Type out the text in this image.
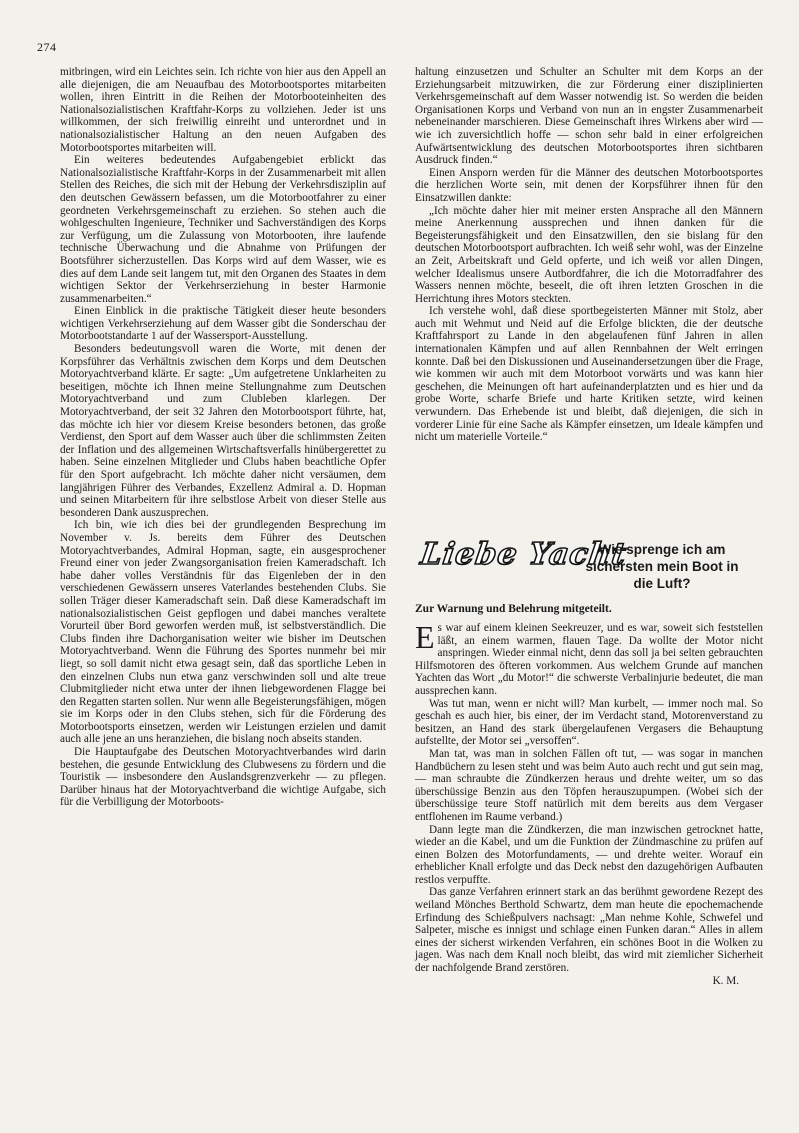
274

mitbringen, wird ein Leichtes sein. Ich richte von hier aus den Appell an alle diejenigen, die am Neuaufbau des Motorbootsportes mitarbeiten wollen, ihren Eintritt in die Reihen der Motorbooteinheiten des Nationalsozialistischen Kraftfahr-Korps zu vollziehen. Jeder ist uns willkommen, der sich freiwillig einreiht und unterordnet und in nationalsozialistischer Haltung an den neuen Aufgaben des Motorbootsportes mitarbeiten will.

Ein weiteres bedeutendes Aufgabengebiet erblickt das Nationalsozialistische Kraftfahr-Korps in der Zusammenarbeit mit allen Stellen des Reiches, die sich mit der Hebung der Verkehrsdisziplin auf den deutschen Gewässern befassen, um die Motorbootfahrer zu einer geordneten Verkehrsgemeinschaft zu erziehen. So stehen auch die wohlgeschulten Ingenieure, Techniker und Sachverständigen des Korps zur Verfügung, um die Zulassung von Motorbooten, ihre laufende technische Überwachung und die Abnahme von Prüfungen der Bootsführer sicherzustellen. Das Korps wird auf dem Wasser, wie es dies auf dem Lande seit langem tut, mit den Organen des Staates in dem wichtigen Sektor der Verkehrserziehung in bester Harmonie zusammenarbeiten.“

Einen Einblick in die praktische Tätigkeit dieser heute besonders wichtigen Verkehrserziehung auf dem Wasser gibt die Sonderschau der Motorbootstandarte 1 auf der Wassersport-Ausstellung.

Besonders bedeutungsvoll waren die Worte, mit denen der Korpsführer das Verhältnis zwischen dem Korps und dem Deutschen Motoryachtverband klärte. Er sagte: „Um aufgetretene Unklarheiten zu beseitigen, möchte ich Ihnen meine Stellungnahme zum Deutschen Motoryachtverband und zum Clubleben klarlegen. Der Motoryachtverband, der seit 32 Jahren den Motorbootsport führte, hat, das möchte ich hier vor diesem Kreise besonders betonen, das große Verdienst, den Sport auf dem Wasser auch über die schlimmsten Zeiten der Inflation und des allgemeinen Wirtschaftsverfalls hinübergerettet zu haben. Seine einzelnen Mitglieder und Clubs haben beachtliche Opfer für den Sport aufgebracht. Ich möchte daher nicht versäumen, dem langjährigen Führer des Verbandes, Exzellenz Admiral a. D. Hopman und seinen Mitarbeitern für ihre selbstlose Arbeit von dieser Stelle aus besonderen Dank auszusprechen.

Ich bin, wie ich dies bei der grundlegenden Besprechung im November v. Js. bereits dem Führer des Deutschen Motoryachtverbandes, Admiral Hopman, sagte, ein ausgesprochener Freund einer von jeder Zwangsorganisation freien Kameradschaft. Ich habe daher volles Verständnis für das Eigenleben der in den verschiedenen Gewässern unseres Vaterlandes bestehenden Clubs. Sie sollen Träger dieser Kameradschaft sein. Daß diese Kameradschaft im nationalsozialistischen Geist gepflogen und dabei manches veraltete Vorurteil über Bord geworfen werden muß, ist selbstverständlich. Die Clubs finden ihre Dachorganisation weiter wie bisher im Deutschen Motoryachtverband. Wenn die Führung des Sportes nunmehr bei mir liegt, so soll damit nicht etwa gesagt sein, daß das sportliche Leben in den einzelnen Clubs nun etwa ganz verschwinden soll und alte treue Clubmitglieder nicht etwa unter der ihnen liebgewordenen Flagge bei den Regatten starten sollen. Nur wenn alle Begeisterungsfähigen, mögen sie im Korps oder in den Clubs stehen, sich für die Förderung des Motorbootsports einsetzen, werden wir Leistungen erzielen und damit auch alle jene an uns heranziehen, die bislang noch abseits standen.

Die Hauptaufgabe des Deutschen Motoryachtverbandes wird darin bestehen, die gesunde Entwicklung des Clubwesens zu fördern und die Touristik — insbesondere den Auslandsgrenzverkehr — zu pflegen. Darüber hinaus hat der Motoryachtverband die wichtige Aufgabe, sich für die Verbilligung der Motorboots-

haltung einzusetzen und Schulter an Schulter mit dem Korps an der Erziehungsarbeit mitzuwirken, die zur Förderung einer disziplinierten Verkehrsgemeinschaft auf dem Wasser notwendig ist. So werden die beiden Organisationen Korps und Verband von nun an in engster Zusammenarbeit nebeneinander marschieren. Diese Gemeinschaft ihres Wirkens aber wird — wie ich zuversichtlich hoffe — schon sehr bald in einer erfolgreichen Aufwärtsentwicklung des deutschen Motorbootsportes ihren sichtbaren Ausdruck finden.“

Einen Ansporn werden für die Männer des deutschen Motorbootsportes die herzlichen Worte sein, mit denen der Korpsführer ihnen für den Einsatzwillen dankte:

„Ich möchte daher hier mit meiner ersten Ansprache all den Männern meine Anerkennung aussprechen und ihnen danken für die Begeisterungsfähigkeit und den Einsatzwillen, den sie bislang für den deutschen Motorbootsport aufbrachten. Ich weiß sehr wohl, was der Einzelne an Zeit, Arbeitskraft und Geld opferte, und ich weiß vor allen Dingen, welcher Idealismus unsere Autbordfahrer, die ich die Motorradfahrer des Wassers nennen möchte, beseelt, die oft ihren letzten Groschen in die Herrichtung ihres Motors steckten.

Ich verstehe wohl, daß diese sportbegeisterten Männer mit Stolz, aber auch mit Wehmut und Neid auf die Erfolge blickten, die der deutsche Kraftfahrsport zu Lande in den abgelaufenen fünf Jahren in allen internationalen Kämpfen und auf allen Rennbahnen der Welt erringen konnte. Daß bei den Diskussionen und Auseinandersetzungen über die Frage, wie kommen wir auch mit dem Motorboot vorwärts und was kann hier geschehen, die Meinungen oft hart aufeinanderplatzten und es hier und da grobe Worte, scharfe Briefe und harte Kritiken setzte, wird keinen verwundern. Das Erhebende ist und bleibt, daß diejenigen, die sich in vorderer Linie für eine Sache als Kämpfer einsetzen, um Ideale kämpfen und nicht um materielle Vorteile.“

Liebe Yacht
Wie sprenge ich am sichersten mein Boot in die Luft?
Zur Warnung und Belehrung mitgeteilt.

Es war auf einem kleinen Seekreuzer, und es war, soweit sich feststellen läßt, an einem warmen, flauen Tage. Da wollte der Motor nicht anspringen. Wieder einmal nicht, denn das soll ja bei selten gebrauchten Hilfsmotoren des öfteren vorkommen. Aus welchem Grunde auf manchen Yachten das Wort „du Motor!“ die schwerste Verbalinjurie bedeutet, die man aussprechen kann.

Was tut man, wenn er nicht will? Man kurbelt, — immer noch mal. So geschah es auch hier, bis einer, der im Verdacht stand, Motorenverstand zu besitzen, an Hand des stark übergelaufenen Vergasers die Behauptung aufstellte, der Motor sei „versoffen“.

Man tat, was man in solchen Fällen oft tut, — was sogar in manchen Handbüchern zu lesen steht und was beim Auto auch recht und gut sein mag, — man schraubte die Zündkerzen heraus und drehte weiter, um so das überschüssige Benzin aus den Töpfen herauszupumpen. (Wobei sich der überschüssige teure Stoff natürlich mit dem bereits aus dem Vergaser entflohenen im Raume verband.)

Dann legte man die Zündkerzen, die man inzwischen getrocknet hatte, wieder an die Kabel, und um die Funktion der Zündmaschine zu prüfen auf einen Bolzen des Motorfundaments, — und drehte weiter. Worauf ein erheblicher Knall erfolgte und das Deck nebst den dazugehörigen Aufbauten restlos verpuffte.

Das ganze Verfahren erinnert stark an das berühmt gewordene Rezept des weiland Mönches Berthold Schwartz, dem man heute die epochemachende Erfindung des Schießpulvers nachsagt: „Man nehme Kohle, Schwefel und Salpeter, mische es innigst und schlage einen Funken daran.“ Alles in allem eines der sicherst wirkenden Verfahren, ein schönes Boot in die Wolken zu jagen. Was nach dem Knall noch bleibt, das wird mit ziemlicher Sicherheit der nachfolgende Brand zerstören.

K. M.
